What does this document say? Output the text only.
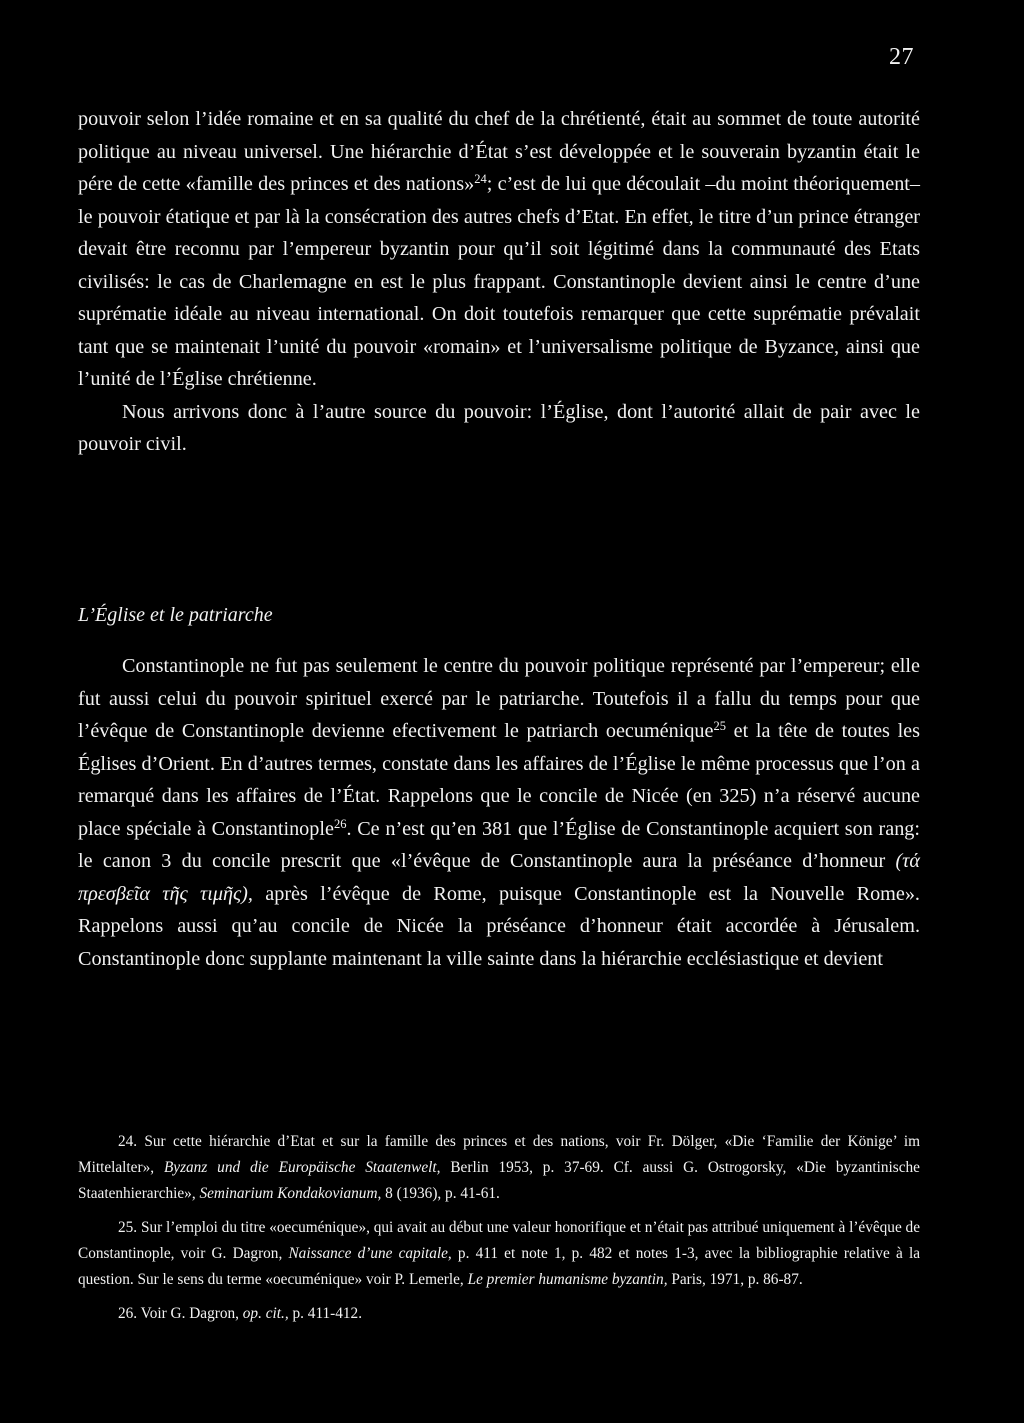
27

pouvoir selon l’idée romaine et en sa qualité du chef de la chrétienté, était au sommet de toute autorité politique au niveau universel. Une hiérarchie d’État s’est développée et le souverain byzantin était le pére de cette «famille des princes et des nations»$^{24}$; c’est de lui que découlait –du moint théoriquement– le pouvoir étatique et par là la consécration des autres chefs d’Etat. En effet, le titre d’un prince étranger devait être reconnu par l’empereur byzantin pour qu’il soit légitimé dans la communauté des Etats civilisés: le cas de Charlemagne en est le plus frappant. Constantinople devient ainsi le centre d’une suprématie idéale au niveau international. On doit toutefois remarquer que cette suprématie prévalait tant que se maintenait l’unité du pouvoir «romain» et l’universalisme politique de Byzance, ainsi que l’unité de l’Église chrétienne.

Nous arrivons donc à l’autre source du pouvoir: l’Église, dont l’autorité allait de pair avec le pouvoir civil.

L’Église et le patriarche

Constantinople ne fut pas seulement le centre du pouvoir politique représenté par l’empereur; elle fut aussi celui du pouvoir spirituel exercé par le patriarche. Toutefois il a fallu du temps pour que l’évêque de Constantinople devienne efectivement le patriarch oecuménique$^{25}$ et la tête de toutes les Églises d’Orient. En d’autres termes, constate dans les affaires de l’Église le même processus que l’on a remarqué dans les affaires de l’État. Rappelons que le concile de Nicée (en 325) n’a réservé aucune place spéciale à Constantinople$^{26}$. Ce n’est qu’en 381 que l’Église de Constantinople acquiert son rang: le canon 3 du concile prescrit que «l’évêque de Constantinople aura la préséance d’honneur (τά πρεσβεῖα τῆς τιμῆς), après l’évêque de Rome, puisque Constantinople est la Nouvelle Rome». Rappelons aussi qu’au concile de Nicée la préséance d’honneur était accordée à Jérusalem. Constantinople donc supplante maintenant la ville sainte dans la hiérarchie ecclésiastique et devient

24. Sur cette hiérarchie d’Etat et sur la famille des princes et des nations, voir Fr. Dölger, «Die ‘Familie der Könige’ im Mittelalter», Byzanz und die Europäische Staatenwelt, Berlin 1953, p. 37-69. Cf. aussi G. Ostrogorsky, «Die byzantinische Staatenhierarchie», Seminarium Kondakovianum, 8 (1936), p. 41-61.

25. Sur l’emploi du titre «oecuménique», qui avait au début une valeur honorifique et n’était pas attribué uniquement à l’évêque de Constantinople, voir G. Dagron, Naissance d’une capitale, p. 411 et note 1, p. 482 et notes 1-3, avec la bibliographie relative à la question. Sur le sens du terme «oecuménique» voir P. Lemerle, Le premier humanisme byzantin, Paris, 1971, p. 86-87.

26. Voir G. Dagron, op. cit., p. 411-412.
